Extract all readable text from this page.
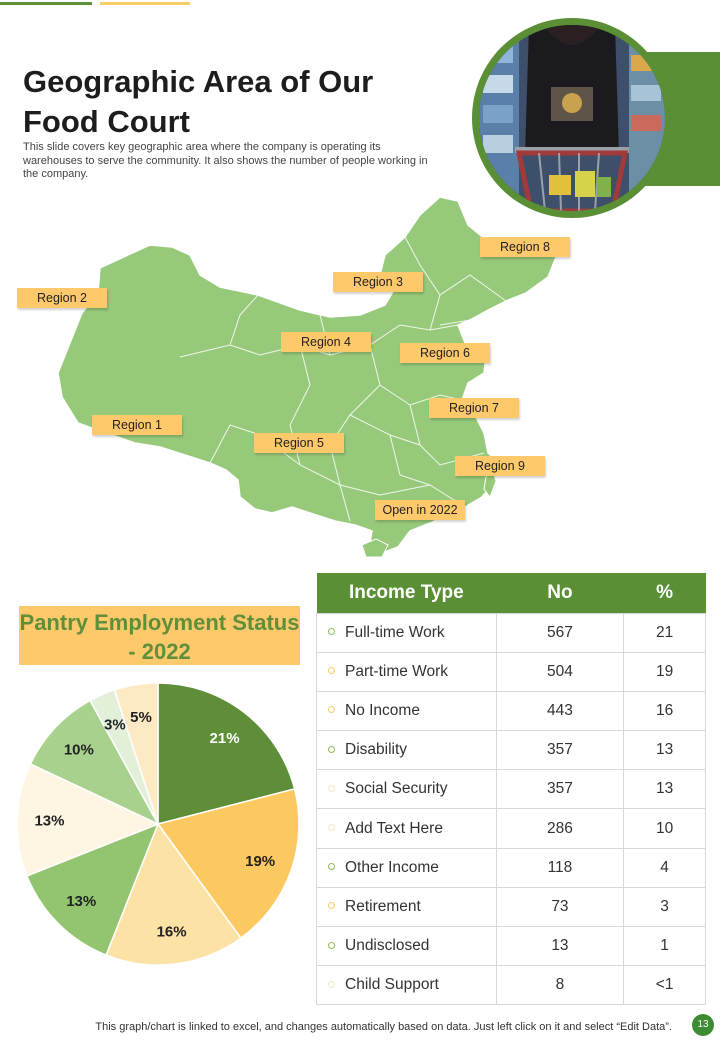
Geographic Area of Our Food Court

This slide covers key geographic area where the company is operating its warehouses to serve the community. It also shows the number of people working in the company.

Region 2
Region 3
Region 8
Region 4
Region 6
Region 7
Region 1
Region 5
Region 9
Open in 2022
Pantry Employment Status - 2022
21%
19%
16%
13%
13%
10%
3% 5%
Income Type	No	%
Full-time Work	567	21
Part-time Work	504	19
No Income	443	16
Disability	357	13
Social Security	357	13
Add Text Here	286	10
Other Income	118	4
Retirement	73	3
Undisclosed	13	1
Child Support	8	<1
This graph/chart is linked to excel, and changes automatically based on data. Just left click on it and select “Edit Data”.	13
